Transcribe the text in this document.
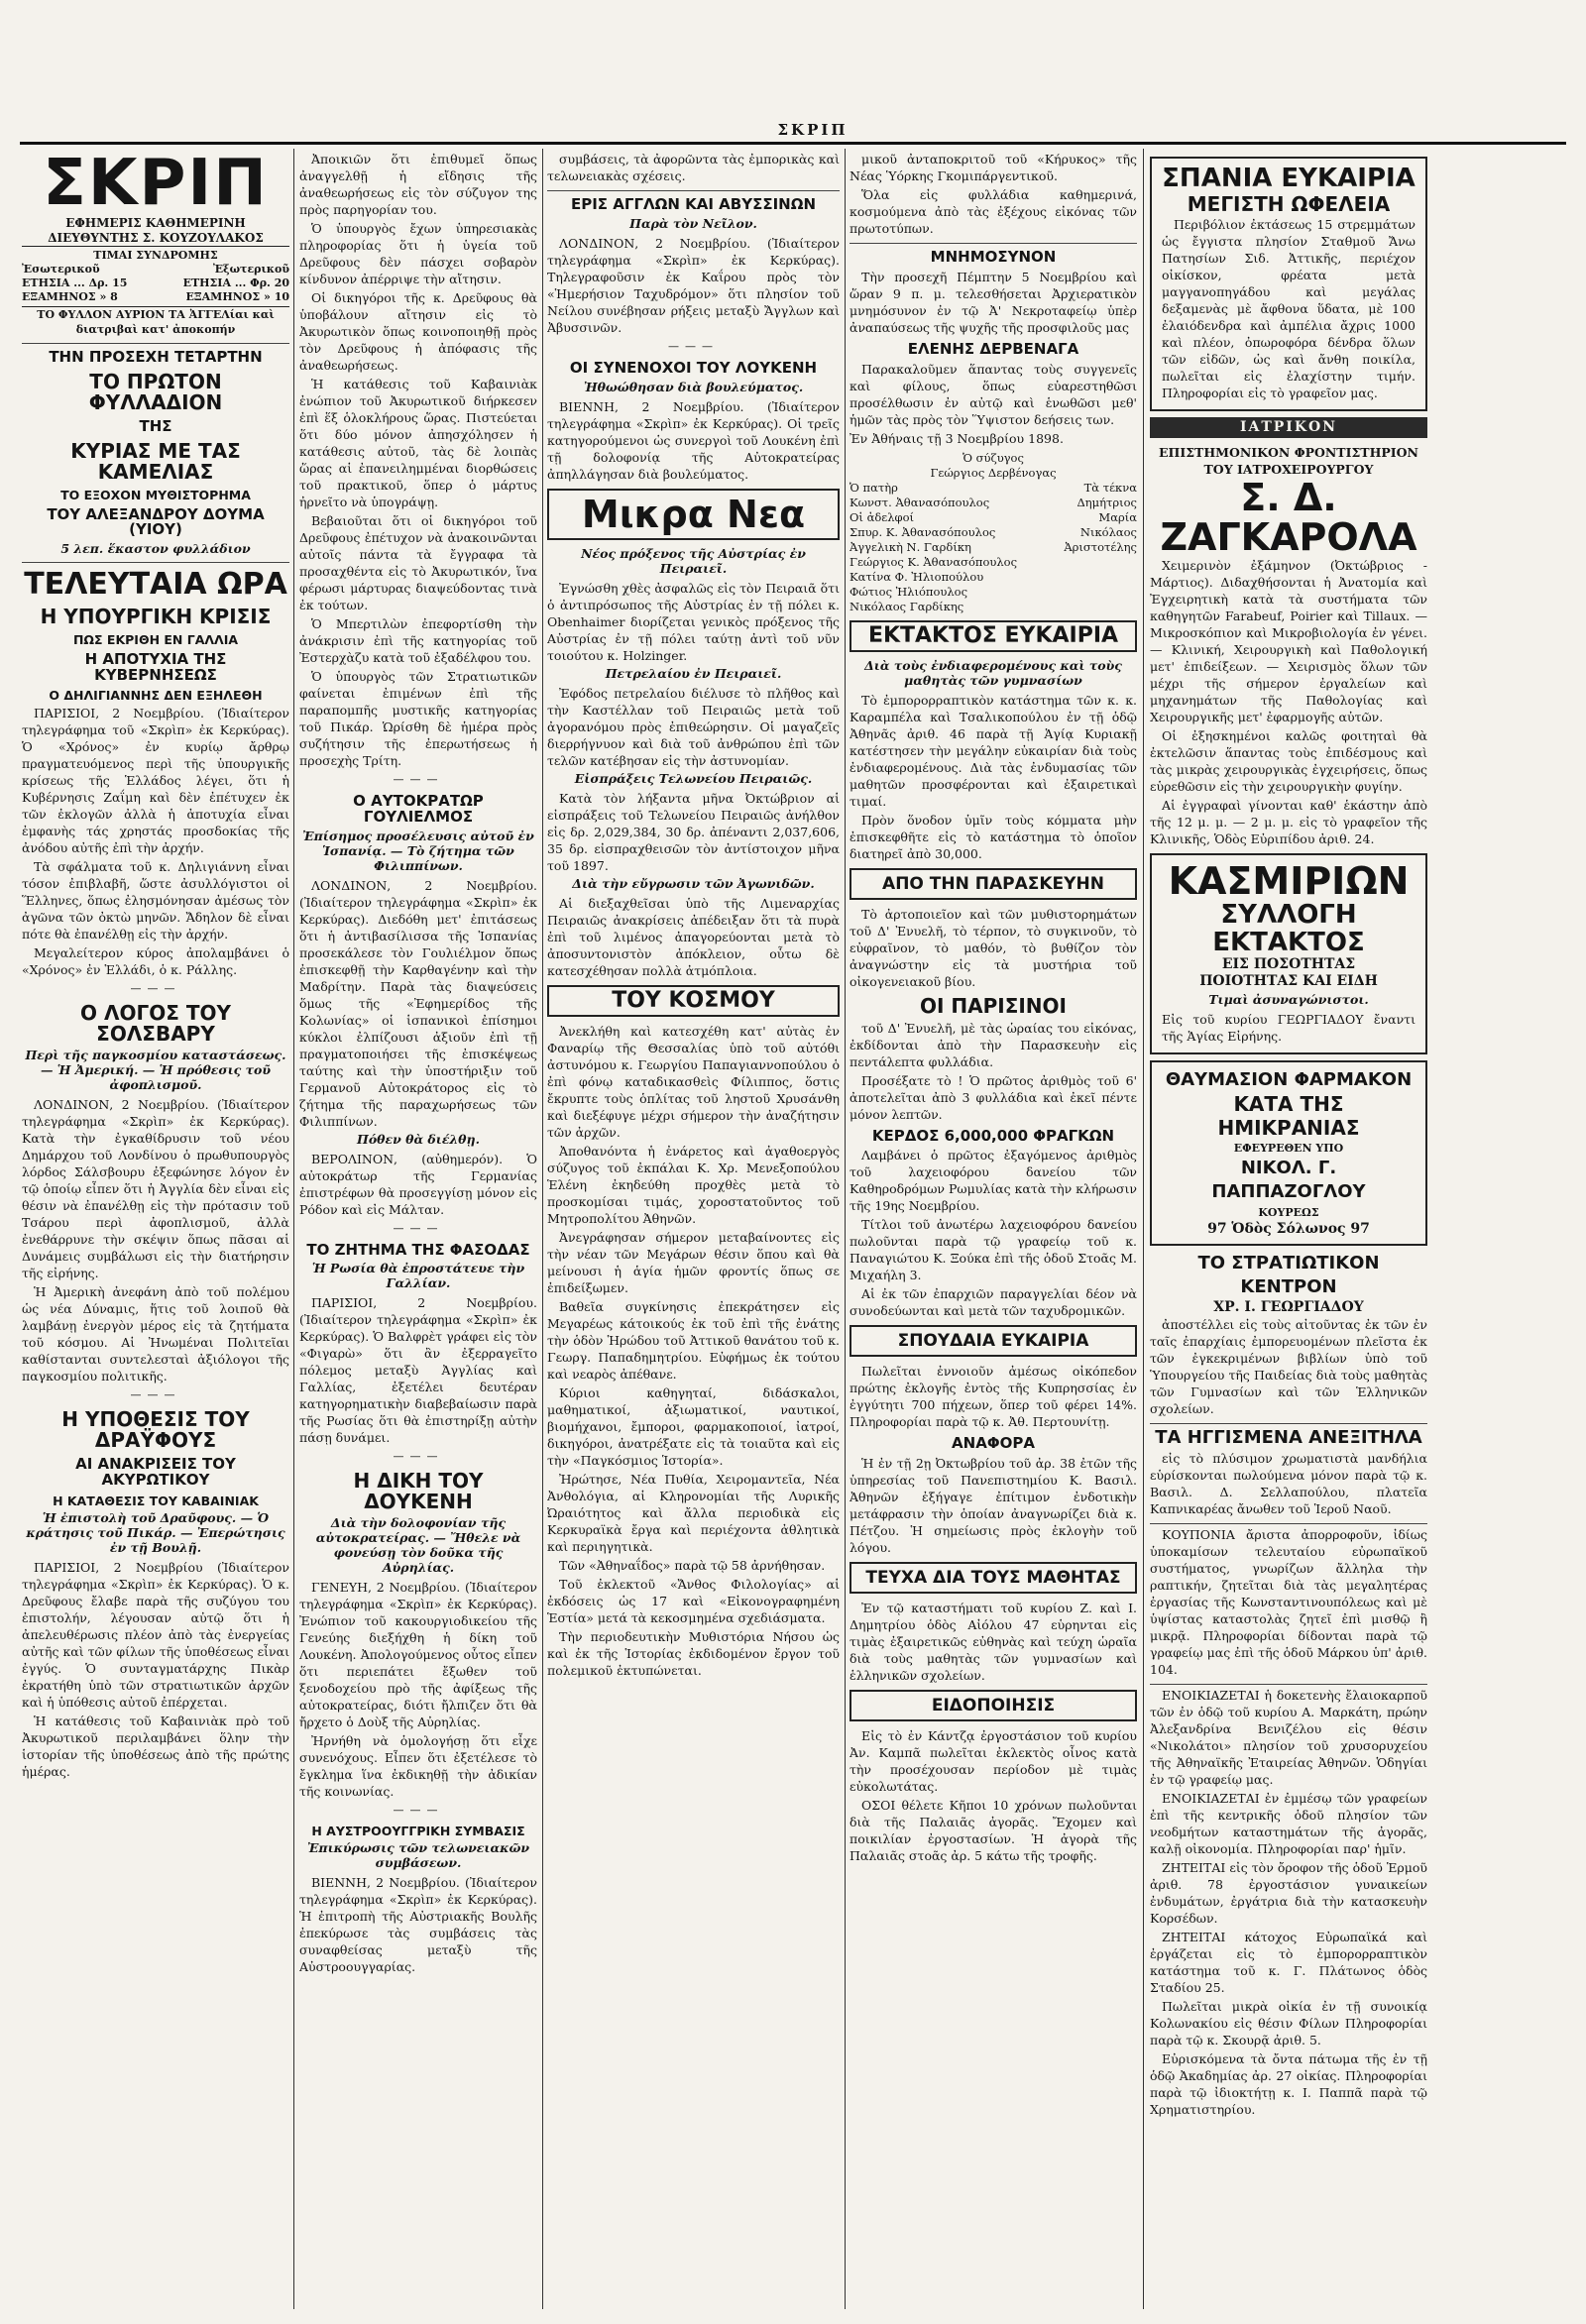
ΣΚΡΙΠ
ΣΚΡΙΠ
ΕΦΗΜΕΡΙΣ ΚΑΘΗΜΕΡΙΝΗ
ΔΙΕΥΘΥΝΤΗΣ Σ. ΚΟΥΖΟΥΛΑΚΟΣ
ΤΙΜΑΙ ΣΥΝΔΡΟΜΗΣ
Ἐσωτερικοῦ	Ἐξωτερικοῦ
ΕΤΗΣΙΑ ... Δρ. 15	ΕΤΗΣΙΑ ... Φρ. 20
ΕΞΑΜΗΝΟΣ » 8	ΕΞΑΜΗΝΟΣ » 10
ΤΟ ΦΥΛΛΟΝ ΑΥΡΙΟΝ ΤΑ ἈΓΓΕΛίαι καὶ διατριβαὶ κατ' ἀποκοπήν
ΤΗΝ ΠΡΟΣΕΧΗ ΤΕΤΑΡΤΗΝ
ΤΟ ΠΡΩΤΟΝ ΦΥΛΛΑΔΙΟΝ
ΤΗΣ
ΚΥΡΙΑΣ ΜΕ ΤΑΣ ΚΑΜΕΛΙΑΣ
ΤΟ ΕΞΟΧΟΝ ΜΥΘΙΣΤΟΡΗΜΑ
ΤΟΥ ΑΛΕΞΑΝΔΡΟΥ ΔΟΥΜΑ (ΥΙΟΥ)
5 λεπ. ἕκαστον φυλλάδιον
ΤΕΛΕΥΤΑΙΑ ΩΡΑ
Η ΥΠΟΥΡΓΙΚΗ ΚΡΙΣΙΣ
ΠΩΣ ΕΚΡΙΘΗ ΕΝ ΓΑΛΛΙΑ
Η ΑΠΟΤΥΧΙΑ ΤΗΣ ΚΥΒΕΡΝΗΣΕΩΣ
Ο ΔΗΛΙΓΙΑΝΝΗΣ ΔΕΝ ΕΞΗΛΕΘΗ

ΠΑΡΙΣΙΟΙ, 2 Νοεμβρίου. (Ἰδιαίτερον τηλεγράφημα τοῦ «Σκρὶπ» ἐκ Κερκύρας). Ὁ «Χρόνος» ἐν κυρίῳ ἄρθρῳ πραγματευόμενος περὶ τῆς ὑπουργικῆς κρίσεως τῆς Ἑλλάδος λέγει, ὅτι ἡ Κυβέρνησις Ζαΐμη καὶ δὲν ἐπέτυχεν ἐκ τῶν ἐκλογῶν ἀλλὰ ἡ ἀποτυχία εἶναι ἐμφανὴς τάς χρηστάς προσδοκίας τῆς ἀνόδου αὐτῆς ἐπὶ τὴν ἀρχήν.

Τὰ σφάλματα τοῦ κ. Δηλιγιάννη εἶναι τόσον ἐπιβλαβῆ, ὥστε ἀσυλλόγιστοι οἱ Ἕλληνες, ὅπως ἐλησμόνησαν ἀμέσως τὸν ἀγῶνα τῶν ὀκτὼ μηνῶν. Ἄδηλον δὲ εἶναι πότε θὰ ἐπανέλθῃ εἰς τὴν ἀρχήν.

Μεγαλείτερον κύρος ἀπολαμβάνει ὁ «Χρόνος» ἐν Ἑλλάδι, ὁ κ. Ράλλης.

———
Ο ΛΟΓΟΣ ΤΟΥ ΣΟΛΣΒΑΡΥ
Περὶ τῆς παγκοσμίου καταστάσεως. — Ἡ Ἀμερική. — Ἡ πρόθεσις τοῦ ἀφοπλισμοῦ.

ΛΟΝΔΙΝΟΝ, 2 Νοεμβρίου. (Ἰδιαίτερον τηλεγράφημα «Σκρὶπ» ἐκ Κερκύρας). Κατὰ τὴν ἐγκαθίδρυσιν τοῦ νέου Δημάρχου τοῦ Λονδίνου ὁ πρωθυπουργὸς λόρδος Σάλσβουρυ ἐξεφώνησε λόγον ἐν τῷ ὁποίῳ εἶπεν ὅτι ἡ Ἀγγλία δὲν εἶναι εἰς θέσιν νὰ ἐπανέλθῃ εἰς τὴν πρότασιν τοῦ Τσάρου περὶ ἀφοπλισμοῦ, ἀλλὰ ἐνεθάρρυνε τὴν σκέψιν ὅπως πᾶσαι αἱ Δυνάμεις συμβάλωσι εἰς τὴν διατήρησιν τῆς εἰρήνης.

Ἡ Ἀμερικὴ ἀνεφάνη ἀπὸ τοῦ πολέμου ὡς νέα Δύναμις, ἥτις τοῦ λοιποῦ θὰ λαμβάνῃ ἐνεργὸν μέρος εἰς τὰ ζητήματα τοῦ κόσμου. Αἱ Ἠνωμέναι Πολιτεῖαι καθίστανται συντελεσταὶ ἀξιόλογοι τῆς παγκοσμίου πολιτικῆς.

———
Η ΥΠΟΘΕΣΙΣ ΤΟΥ ΔΡΑΫΦΟΥΣ
ΑΙ ΑΝΑΚΡΙΣΕΙΣ ΤΟΥ ΑΚΥΡΩΤΙΚΟΥ
Η ΚΑΤΑΘΕΣΙΣ ΤΟΥ ΚΑΒΑΙΝΙΑΚ
Ἡ ἐπιστολὴ τοῦ Δραῦφους. — Ὁ κράτησις τοῦ Πικάρ. — Ἐπερώτησις ἐν τῇ Βουλῇ.

ΠΑΡΙΣΙΟΙ, 2 Νοεμβρίου (Ἰδιαίτερον τηλεγράφημα «Σκρὶπ» ἐκ Κερκύρας). Ὁ κ. Δρεῦφους ἔλαβε παρὰ τῆς συζύγου του ἐπιστολήν, λέγουσαν αὐτῷ ὅτι ἡ ἀπελευθέρωσις πλέον ἀπὸ τὰς ἐνεργείας αὐτῆς καὶ τῶν φίλων τῆς ὑποθέσεως εἶναι ἐγγύς. Ὁ συνταγματάρχης Πικὰρ ἐκρατήθη ὑπὸ τῶν στρατιωτικῶν ἀρχῶν καὶ ἡ ὑπόθεσις αὐτοῦ ἐπέρχεται.

Ἡ κατάθεσις τοῦ Καβαινιὰκ πρὸ τοῦ Ἀκυρωτικοῦ περιλαμβάνει ὅλην τὴν ἱστορίαν τῆς ὑποθέσεως ἀπὸ τῆς πρώτης ἡμέρας.

Ἀποικιῶν ὅτι ἐπιθυμεῖ ὅπως ἀναγγελθῇ ἡ εἴδησις τῆς ἀναθεωρήσεως εἰς τὸν σύζυγον της πρὸς παρηγορίαν του.

Ὁ ὑπουργὸς ἔχων ὑπηρεσιακὰς πληροφορίας ὅτι ἡ ὑγεία τοῦ Δρεῦφους δὲν πάσχει σοβαρὸν κίνδυνον ἀπέρριψε τὴν αἴτησιν.

Οἱ δικηγόροι τῆς κ. Δρεῦφους θὰ ὑποβάλουν αἴτησιν εἰς τὸ Ἀκυρωτικὸν ὅπως κοινοποιηθῇ πρὸς τὸν Δρεῦφους ἡ ἀπόφασις τῆς ἀναθεωρήσεως.

Ἡ κατάθεσις τοῦ Καβαινιὰκ ἐνώπιον τοῦ Ἀκυρωτικοῦ διήρκεσεν ἐπὶ ἕξ ὁλοκλήρους ὥρας. Πιστεύεται ὅτι δύο μόνον ἀπησχόλησεν ἡ κατάθεσις αὐτοῦ, τὰς δὲ λοιπὰς ὥρας αἱ ἐπανειλημμέναι διορθώσεις τοῦ πρακτικοῦ, ὅπερ ὁ μάρτυς ἠρνεῖτο νὰ ὑπογράψῃ.

Βεβαιοῦται ὅτι οἱ δικηγόροι τοῦ Δρεῦφους ἐπέτυχον νὰ ἀνακοινῶνται αὐτοῖς πάντα τὰ ἔγγραφα τὰ προσαχθέντα εἰς τὸ Ἀκυρωτικόν, ἵνα φέρωσι μάρτυρας διαψεύδοντας τινὰ ἐκ τούτων.

Ὁ Μπερτιλὼν ἐπεφορτίσθη τὴν ἀνάκρισιν ἐπὶ τῆς κατηγορίας τοῦ Ἐστερχὰζυ κατὰ τοῦ ἐξαδέλφου του.

Ὁ ὑπουργὸς τῶν Στρατιωτικῶν φαίνεται ἐπιμένων ἐπὶ τῆς παραπομπῆς μυστικῆς κατηγορίας τοῦ Πικάρ. Ὡρίσθη δὲ ἡμέρα πρὸς συζήτησιν τῆς ἐπερωτήσεως ἡ προσεχὴς Τρίτη.

———
Ο ΑΥΤΟΚΡΑΤΩΡ ΓΟΥΛΙΕΛΜΟΣ
Ἐπίσημος προσέλευσις αὐτοῦ ἐν Ἱσπανίᾳ. — Τὸ ζήτημα τῶν Φιλιππίνων.

ΛΟΝΔΙΝΟΝ, 2 Νοεμβρίου. (Ἰδιαίτερον τηλεγράφημα «Σκρὶπ» ἐκ Κερκύρας). Διεδόθη μετ' ἐπιτάσεως ὅτι ἡ ἀντιβασίλισσα τῆς Ἱσπανίας προσεκάλεσε τὸν Γουλιέλμον ὅπως ἐπισκεφθῇ τὴν Καρθαγένην καὶ τὴν Μαδρίτην. Παρὰ τὰς διαψεύσεις ὅμως τῆς «Ἐφημερίδος τῆς Κολωνίας» οἱ ἱσπανικοὶ ἐπίσημοι κύκλοι ἐλπίζουσι ἀξιοῦν ἐπὶ τῇ πραγματοποιήσει τῆς ἐπισκέψεως ταύτης καὶ τὴν ὑποστήριξιν τοῦ Γερμανοῦ Αὐτοκράτορος εἰς τὸ ζήτημα τῆς παραχωρήσεως τῶν Φιλιππίνων.

Πόθεν θὰ διέλθῃ.

ΒΕΡΟΛΙΝΟΝ, (αὐθημερόν). Ὁ αὐτοκράτωρ τῆς Γερμανίας ἐπιστρέφων θὰ προσεγγίσῃ μόνον εἰς Ρόδον καὶ εἰς Μάλταν.

———
ΤΟ ΖΗΤΗΜΑ ΤΗΣ ΦΑΣΟΔΑΣ
Ἡ Ρωσία θὰ ἐπροστάτευε τὴν Γαλλίαν.

ΠΑΡΙΣΙΟΙ, 2 Νοεμβρίου. (Ἰδιαίτερον τηλεγράφημα «Σκρὶπ» ἐκ Κερκύρας). Ὁ Βαλφρὲτ γράφει εἰς τὸν «Φιγαρὼ» ὅτι ἂν ἐξερραγεῖτο πόλεμος μεταξὺ Ἀγγλίας καὶ Γαλλίας, ἐξετέλει δευτέραν κατηγορηματικὴν διαβεβαίωσιν παρὰ τῆς Ρωσίας ὅτι θὰ ἐπιστηρίξῃ αὐτὴν πάσῃ δυνάμει.

———
Η ΔΙΚΗ ΤΟΥ ΔΟΥΚΕΝΗ
Διὰ τὴν δολοφονίαν τῆς αὐτοκρατείρας. — Ἤθελε νὰ φονεύσῃ τὸν δοῦκα τῆς Αὐρηλίας.

ΓΕΝΕΥΗ, 2 Νοεμβρίου. (Ἰδιαίτερον τηλεγράφημα «Σκρὶπ» ἐκ Κερκύρας). Ἐνώπιον τοῦ κακουργιοδικείου τῆς Γενεύης διεξήχθη ἡ δίκη τοῦ Λουκένη. Ἀπολογούμενος οὗτος εἶπεν ὅτι περιεπάτει ἔξωθεν τοῦ ξενοδοχείου πρὸ τῆς ἀφίξεως τῆς αὐτοκρατείρας, διότι ἤλπιζεν ὅτι θὰ ἤρχετο ὁ Δοὺξ τῆς Αὐρηλίας.

Ἠρνήθη νὰ ὁμολογήσῃ ὅτι εἶχε συνενόχους. Εἶπεν ὅτι ἐξετέλεσε τὸ ἔγκλημα ἵνα ἐκδικηθῇ τὴν ἀδικίαν τῆς κοινωνίας.

———
Η ΑΥΣΤΡΟΟΥΓΓΡΙΚΗ ΣΥΜΒΑΣΙΣ
Ἐπικύρωσις τῶν τελωνειακῶν συμβάσεων.

ΒΙΕΝΝΗ, 2 Νοεμβρίου. (Ἰδιαίτερον τηλεγράφημα «Σκρὶπ» ἐκ Κερκύρας). Ἡ ἐπιτροπὴ τῆς Αὐστριακῆς Βουλῆς ἐπεκύρωσε τὰς συμβάσεις τὰς συναφθείσας μεταξὺ τῆς Αὐστροουγγαρίας.

συμβάσεις, τὰ ἀφορῶντα τὰς ἐμπορικὰς καὶ τελωνειακὰς σχέσεις.

ΕΡΙΣ ΑΓΓΛΩΝ ΚΑΙ ΑΒΥΣΣΙΝΩΝ
Παρὰ τὸν Νεῖλον.

ΛΟΝΔΙΝΟΝ, 2 Νοεμβρίου. (Ἰδιαίτερον τηλεγράφημα «Σκρὶπ» ἐκ Κερκύρας). Τηλεγραφοῦσιν ἐκ Καΐρου πρὸς τὸν «Ἡμερήσιον Ταχυδρόμον» ὅτι πλησίον τοῦ Νείλου συνέβησαν ρήξεις μεταξὺ Ἄγγλων καὶ Ἀβυσσινῶν.

———
ΟΙ ΣΥΝΕΝΟΧΟΙ ΤΟΥ ΛΟΥΚΕΝΗ
Ἠθωώθησαν διὰ βουλεύματος.

ΒΙΕΝΝΗ, 2 Νοεμβρίου. (Ἰδιαίτερον τηλεγράφημα «Σκρὶπ» ἐκ Κερκύρας). Οἱ τρεῖς κατηγορούμενοι ὡς συνεργοὶ τοῦ Λουκένη ἐπὶ τῇ δολοφονίᾳ τῆς Αὐτοκρατείρας ἀπηλλάγησαν διὰ βουλεύματος.

Μικρα Νεα
Νέος πρόξενος τῆς Αὐστρίας ἐν Πειραιεῖ.

Ἐγνώσθη χθὲς ἀσφαλῶς εἰς τὸν Πειραιᾶ ὅτι ὁ ἀντιπρόσωπος τῆς Αὐστρίας ἐν τῇ πόλει κ. Obenhaimer διορίζεται γενικὸς πρόξενος τῆς Αὐστρίας ἐν τῇ πόλει ταύτῃ ἀντὶ τοῦ νῦν τοιούτου κ. Holzinger.

Πετρελαίου ἐν Πειραιεῖ.

Ἐφόδος πετρελαίου διέλυσε τὸ πλῆθος καὶ τὴν Καστέλλαν τοῦ Πειραιῶς μετὰ τοῦ ἀγορανόμου πρὸς ἐπιθεώρησιν. Οἱ μαγαζεῖς διερρήγνυον καὶ διὰ τοῦ ἀνθρώπου ἐπὶ τῶν τελῶν κατέβησαν εἰς τὴν ἀστυνομίαν.

Εἰσπράξεις Τελωνείου Πειραιῶς.

Κατὰ τὸν λήξαντα μῆνα Ὀκτώβριον αἱ εἰσπράξεις τοῦ Τελωνείου Πειραιῶς ἀνήλθον εἰς δρ. 2,029,384, 30 δρ. ἀπέναντι 2,037,606, 35 δρ. εἰσπραχθεισῶν τὸν ἀντίστοιχον μῆνα τοῦ 1897.

Διὰ τὴν εὔγρωσιν τῶν Ἀγωνιδῶν.

Αἱ διεξαχθεῖσαι ὑπὸ τῆς Λιμεναρχίας Πειραιῶς ἀνακρίσεις ἀπέδειξαν ὅτι τὰ πυρὰ ἐπὶ τοῦ λιμένος ἀπαγορεύονται μετὰ τὸ ἀποσυντονιστὸν ἀπόκλειον, οὗτω δὲ κατεσχέθησαν πολλὰ ἀτμόπλοια.

ΤΟΥ ΚΟΣΜΟΥ

Ἀνεκλήθη καὶ κατεσχέθη κατ' αὐτὰς ἐν Φαναρίῳ τῆς Θεσσαλίας ὑπὸ τοῦ αὐτόθι ἀστυνόμου κ. Γεωργίου Παπαγιαννοπούλου ὁ ἐπὶ φόνῳ καταδικασθεὶς Φίλιππος, ὅστις ἔκρυπτε τοὺς ὁπλίτας τοῦ ληστοῦ Χρυσάνθη καὶ διεξέφυγε μέχρι σήμερον τὴν ἀναζήτησιν τῶν ἀρχῶν.

Ἀποθανόντα ἡ ἐνάρετος καὶ ἀγαθοεργὸς σύζυγος τοῦ ἐκπάλαι Κ. Χρ. Μενεξοπούλου Ἑλένη ἐκηδεύθη προχθὲς μετὰ τὸ προσκομίσαι τιμάς, χοροστατοῦντος τοῦ Μητροπολίτου Ἀθηνῶν.

Ἀνεγράφησαν σήμερον μεταβαίνοντες εἰς τὴν νέαν τῶν Μεγάρων θέσιν ὅπου καὶ θὰ μείνουσι ἡ ἁγία ἡμῶν φροντίς ὅπως σε ἐπιδείξωμεν.

Βαθεῖα συγκίνησις ἐπεκράτησεν εἰς Μεγαρέως κάτοικούς ἐκ τοῦ ἐπὶ τῆς ἐνάτης τὴν ὁδὸν Ἡρώδου τοῦ Ἀττικοῦ θανάτου τοῦ κ. Γεωργ. Παπαδημητρίου. Εὐφήμως ἐκ τούτου καὶ νεαρὸς ἀπέθανε.

Κύριοι καθηγηταί, διδάσκαλοι, μαθηματικοί, ἀξιωματικοί, ναυτικοί, βιομήχανοι, ἔμποροι, φαρμακοποιοί, ἰατροί, δικηγόροι, ἀνατρέξατε εἰς τὰ τοιαῦτα καὶ εἰς τὴν «Παγκόσμιος Ἱστορία».

Ἠρώτησε, Νέα Πυθία, Χειρομαντεῖα, Νέα Ἀνθολόγια, αἱ Κληρονομίαι τῆς Λυρικῆς Ὠραιότητος καὶ ἄλλα περιοδικὰ εἰς Κερκυραϊκὰ ἔργα καὶ περιέχοντα ἀθλητικὰ καὶ περιηγητικὰ.

Τῶν «Ἀθηναΐδος» παρὰ τῷ 58 ἀρνήθησαν.

Τοῦ ἐκλεκτοῦ «Ἄνθος Φιλολογίας» αἱ ἐκδόσεις ὡς 17 καὶ «Εἰκονογραφημένη Ἑστία» μετά τὰ κεκοσμημένα σχεδιάσματα.

Τὴν περιοδευτικὴν Μυθιστόρια Νήσου ὡς καὶ ἐκ τῆς Ἱστορίας ἐκδιδομένον ἔργον τοῦ πολεμικοῦ ἐκτυπώνεται.

μικοῦ ἀνταποκριτοῦ τοῦ «Κήρυκος» τῆς Νέας Ὑόρκης Γκομιπάργεντικοῦ.

Ὅλα εἰς φυλλάδια καθημερινά, κοσμούμενα ἀπὸ τὰς ἐξέχους εἰκόνας τῶν πρωτοτύπων.

ΜΝΗΜΟΣΥΝΟΝ

Τὴν προσεχῆ Πέμπτην 5 Νοεμβρίου καὶ ὥραν 9 π. μ. τελεσθήσεται Ἀρχιερατικὸν μνημόσυνον ἐν τῷ Ἀ' Νεκροταφείῳ ὑπὲρ ἀναπαύσεως τῆς ψυχῆς τῆς προσφιλοῦς μας

ΕΛΕΝΗΣ ΔΕΡΒΕΝΑΓΑ

Παρακαλοῦμεν ἅπαντας τοὺς συγγενεῖς καὶ φίλους, ὅπως εὐαρεστηθῶσι προσέλθωσιν ἐν αὐτῷ καὶ ἑνωθῶσι μεθ' ἡμῶν τὰς πρὸς τὸν Ὕψιστον δεήσεις των.

Ἐν Ἀθήναις τῇ 3 Νοεμβρίου 1898.

Ὁ σύζυγος
Γεώργιος Δερβένογας
Ὁ πατὴρ	Τὰ τέκνα
Κωνστ. Ἀθανασόπουλος	Δημήτριος
Οἱ ἀδελφοί	Μαρία
Σπυρ. Κ. Ἀθανασόπουλος	Νικόλαος
Ἀγγελικὴ Ν. Γαρδίκη	Ἀριστοτέλης
Γεώργιος Κ. Ἀθανασόπουλος
Κατίνα Φ. Ἠλιοπούλου
Φώτιος Ἠλιόπουλος
Νικόλαος Γαρδίκης
ΕΚΤΑΚΤΟΣ ΕΥΚΑΙΡΙΑ
Διὰ τοὺς ἐνδιαφερομένους καὶ τοὺς μαθητὰς τῶν γυμνασίων

Τὸ ἐμπορορραπτικὸν κατάστημα τῶν κ. κ. Καραμπέλα καὶ Τσαλικοπούλου ἐν τῇ ὁδῷ Ἀθηνᾶς ἀριθ. 46 παρὰ τῇ Ἁγίᾳ Κυριακῇ κατέστησεν τὴν μεγάλην εὐκαιρίαν διὰ τοὺς ἐνδιαφερομένους. Διὰ τὰς ἐνδυμασίας τῶν μαθητῶν προσφέρονται καὶ ἐξαιρετικαὶ τιμαί.

Πρὸν ὅνοδον ὑμῖν τοὺς κόμματα μὴν ἐπισκεφθῆτε εἰς τὸ κατάστημα τὸ ὁποῖον διατηρεῖ ἀπὸ 30,000.

ΑΠΟ ΤΗΝ ΠΑΡΑΣΚΕΥΗΝ

Τὸ ἀρτοποιεῖον καὶ τῶν μυθιστορημάτων τοῦ Δ' Ἐνυελῆ, τὸ τέρπον, τὸ συγκινοῦν, τὸ εὐφραῖνον, τὸ μαθόν, τὸ βυθίζον τὸν ἀναγνώστην εἰς τὰ μυστήρια τοῦ οἰκογενειακοῦ βίου.

ΟΙ ΠΑΡΙΣΙΝΟΙ

τοῦ Δ' Ἐνυελῆ, μὲ τὰς ὡραίας του εἰκόνας, ἐκδίδονται ἀπὸ τὴν Παρασκευὴν εἰς πεντάλεπτα φυλλάδια.

Προσέξατε τὸ ! Ὁ πρῶτος ἀριθμὸς τοῦ 6' ἀποτελεῖται ἀπὸ 3 φυλλάδια καὶ ἐκεῖ πέντε μόνον λεπτῶν.

ΚΕΡΔΟΣ 6,000,000 ΦΡΑΓΚΩΝ

Λαμβάνει ὁ πρῶτος ἐξαγόμενος ἀριθμὸς τοῦ λαχειοφόρου δανείου τῶν Καθηροδρόμων Ρωμυλίας κατὰ τὴν κλήρωσιν τῆς 19ης Νοεμβρίου.

Τίτλοι τοῦ ἀνωτέρω λαχειοφόρου δανείου πωλοῦνται παρὰ τῷ γραφείῳ τοῦ κ. Παναγιώτου Κ. Ξούκα ἐπὶ τῆς ὁδοῦ Στοᾶς Μ. Μιχαήλη 3.

Αἱ ἐκ τῶν ἐπαρχιῶν παραγγελίαι δέον νὰ συνοδεύωνται καὶ μετὰ τῶν ταχυδρομικῶν.

ΣΠΟΥΔΑΙΑ ΕΥΚΑΙΡΙΑ

Πωλεῖται ἐννοιοῦν ἀμέσως οἰκόπεδον πρώτης ἐκλογῆς ἐντὸς τῆς Κυπρησσίας ἐν ἐγγύτητι 700 πήχεων, ὅπερ τοῦ φέρει 14%. Πληροφορίαι παρὰ τῷ κ. Ἀθ. Περτουνίτῃ.

ΑΝΑΦΟΡΑ

Ἡ ἐν τῇ 2ῃ Ὀκτωβρίου τοῦ ἀρ. 38 ἐτῶν τῆς ὑπηρεσίας τοῦ Πανεπιστημίου Κ. Βασιλ. Ἀθηνῶν ἐξήγαγε ἐπίτιμον ἐνδοτικὴν μετάφρασιν τὴν ὁποίαν ἀναγνωρίζει διὰ κ. Πέτζου. Ἡ σημείωσις πρὸς ἐκλογὴν τοῦ λόγου.

ΤΕΥΧΑ ΔΙΑ ΤΟΥΣ ΜΑΘΗΤΑΣ

Ἐν τῷ καταστήματι τοῦ κυρίου Ζ. καὶ Ι. Δημητρίου ὁδὸς Αἰόλου 47 εὑρηνται εἰς τιμὰς ἐξαιρετικῶς εὐθηνὰς καὶ τεύχη ὡραῖα διὰ τοὺς μαθητὰς τῶν γυμνασίων καὶ ἑλληνικῶν σχολείων.

ΕΙΔΟΠΟΙΗΣΙΣ

Εἰς τὸ ἐν Κάντζᾳ ἐργοστάσιον τοῦ κυρίου Ἀν. Καμπᾶ πωλεῖται ἐκλεκτὸς οἶνος κατὰ τὴν προσέχουσαν περίοδον μὲ τιμὰς εὐκολωτάτας.

ΟΣΟΙ θέλετε Κῆποι 10 χρόνων πωλοῦνται διὰ τῆς Παλαιᾶς ἀγορᾶς. Ἔχομεν καὶ ποικιλίαν ἐργοστασίων. Ἡ ἀγορὰ τῆς Παλαιᾶς στοᾶς ἀρ. 5 κάτω τῆς τροφῆς.

ΣΠΑΝΙΑ ΕΥΚΑΙΡΙΑ
ΜΕΓΙΣΤΗ ΩΦΕΛΕΙΑ

Περιβόλιον ἐκτάσεως 15 στρεμμάτων ὡς ἔγγιστα πλησίον Σταθμοῦ Ἄνω Πατησίων Σιδ. Ἀττικῆς, περιέχον οἰκίσκον, φρέατα μετὰ μαγγανοπηγάδου καὶ μεγάλας δεξαμενὰς μὲ ἄφθονα ὕδατα, μὲ 100 ἐλαιόδενδρα καὶ ἀμπέλια ἄχρις 1000 καὶ πλέον, ὀπωροφόρα δένδρα ὅλων τῶν εἰδῶν, ὡς καὶ ἄνθη ποικίλα, πωλεῖται εἰς ἐλαχίστην τιμήν. Πληροφορίαι εἰς τὸ γραφεῖον μας.

ΙΑΤΡΙΚΟΝ
ΕΠΙΣΤΗΜΟΝΙΚΟΝ ΦΡΟΝΤΙΣΤΗΡΙΟΝ ΤΟΥ ΙΑΤΡΟΧΕΙΡΟΥΡΓΟΥ
Σ. Δ. ΖΑΓΚΑΡΟΛΑ

Χειμερινὸν ἐξάμηνον (Ὀκτώβριος - Μάρτιος). Διδαχθήσονται ἡ Ἀνατομία καὶ Ἐγχειρητικὴ κατὰ τὰ συστήματα τῶν καθηγητῶν Farabeuf, Poirier καὶ Tillaux. — Μικροσκόπιον καὶ Μικροβιολογία ἐν γένει. — Κλινική, Χειρουργικὴ καὶ Παθολογική μετ' ἐπιδείξεων. — Χειρισμὸς ὅλων τῶν μέχρι τῆς σήμερον ἐργαλείων καὶ μηχανημάτων τῆς Παθολογίας καὶ Χειρουργικῆς μετ' ἐφαρμογῆς αὐτῶν.

Οἱ ἐξησκημένοι καλῶς φοιτηταὶ θὰ ἐκτελῶσιν ἅπαντας τοὺς ἐπιδέσμους καὶ τὰς μικρὰς χειρουργικὰς ἐγχειρήσεις, ὅπως εὑρεθῶσιν εἰς τὴν χειρουργικὴν φυγίην.

Αἱ ἐγγραφαὶ γίνονται καθ' ἑκάστην ἀπὸ τῆς 12 μ. μ. — 2 μ. μ. εἰς τὸ γραφεῖον τῆς Κλινικῆς, Ὁδὸς Εὐριπίδου ἀριθ. 24.

ΚΑΣΜΙΡΙΩΝ
ΣΥΛΛΟΓΗ ΕΚΤΑΚΤΟΣ
ΕΙΣ ΠΟΣΟΤΗΤΑΣ
ΠΟΙΟΤΗΤΑΣ ΚΑΙ ΕΙΔΗ
Τιμαὶ ἀσυναγώνιστοι.

Εἰς τοῦ κυρίου ΓΕΩΡΓΙΑΔΟΥ ἔναντι τῆς Ἁγίας Εἰρήνης.

ΘΑΥΜΑΣΙΟΝ ΦΑΡΜΑΚΟΝ
ΚΑΤΑ ΤΗΣ ΗΜΙΚΡΑΝΙΑΣ
ΕΦΕΥΡΕΘΕΝ ΥΠΟ
ΝΙΚΟΛ. Γ. ΠΑΠΠΑΖΟΓΛΟΥ
ΚΟΥΡΕΩΣ
97 Ὁδὸς Σόλωνος 97
ΤΟ ΣΤΡΑΤΙΩΤΙΚΟΝ ΚΕΝΤΡΟΝ
ΧΡ. Ι. ΓΕΩΡΓΙΑΔΟΥ

ἀποστέλλει εἰς τοὺς αἰτοῦντας ἐκ τῶν ἐν ταῖς ἐπαρχίαις ἐμπορευομένων πλεῖστα ἐκ τῶν ἐγκεκριμένων βιβλίων ὑπὸ τοῦ Ὑπουργείου τῆς Παιδείας διὰ τοὺς μαθητὰς τῶν Γυμνασίων καὶ τῶν Ἑλληνικῶν σχολείων.

ΤΑ ΗΓΓΙΣΜΕΝΑ ΑΝΕΞΙΤΗΛΑ

εἰς τὸ πλύσιμον χρωματιστὰ μανδήλια εὑρίσκονται πωλούμενα μόνον παρὰ τῷ κ. Βασιλ. Δ. Σελλαπούλου, πλατεῖα Καπνικαρέας ἄνωθεν τοῦ Ἱεροῦ Ναοῦ.

ΚΟΥΠΟΝΙΑ ἄριστα ἀπορροφοῦν, ἰδίως ὑποκαμίσων τελευταίου εὐρωπαϊκοῦ συστήματος, γνωρίζων ἄλληλα τὴν ραπτικήν, ζητεῖται διὰ τὰς μεγαλητέρας ἐργασίας τῆς Κωνσταντινουπόλεως καὶ μὲ ὑψίστας καταστολὰς ζητεῖ ἐπὶ μισθῷ ἢ μικρᾷ. Πληροφορίαι δίδονται παρὰ τῷ γραφείῳ μας ἐπὶ τῆς ὁδοῦ Μάρκου ὑπ' ἀριθ. 104.

ΕΝΟΙΚΙΑΖΕΤΑΙ ἡ δοκετενὴς ἔλαιοκαρποῦ τῶν ἐν ὁδῷ τοῦ κυρίου Α. Μαρκάτη, πρώην Ἀλεξανδρίνα Βενιζέλου εἰς θέσιν «Νικολάτοι» πλησίον τοῦ χρυσορυχείου τῆς Ἀθηναϊκῆς Ἐταιρείας Ἀθηνῶν. Ὁδηγίαι ἐν τῷ γραφείῳ μας.

ΕΝΟΙΚΙΑΖΕΤΑΙ ἐν ἐμμέσῳ τῶν γραφείων ἐπὶ τῆς κεντρικῆς ὁδοῦ πλησίον τῶν νεοδμήτων καταστημάτων τῆς ἀγορᾶς, καλῇ οἰκονομία. Πληροφορίαι παρ' ἡμῖν.

ΖΗΤΕΙΤΑΙ εἰς τὸν ὄροφον τῆς ὁδοῦ Ἑρμοῦ ἀριθ. 78 ἐργοστάσιον γυναικείων ἐνδυμάτων, ἐργάτρια διὰ τὴν κατασκευὴν Κορσέδων.

ΖΗΤΕΙΤΑΙ κάτοχος Εὐρωπαϊκά καὶ ἐργάζεται εἰς τὸ ἐμπορορραπτικὸν κατάστημα τοῦ κ. Γ. Πλάτωνος ὁδὸς Σταδίου 25.

Πωλεῖται μικρὰ οἰκία ἐν τῇ συνοικίᾳ Κολωνακίου εἰς θέσιν Φίλων Πληροφορίαι παρὰ τῷ κ. Σκουρᾷ ἀριθ. 5.

Εὐρισκόμενα τὰ ὄντα πάτωμα τῆς ἐν τῇ ὁδῷ Ἀκαδημίας ἀρ. 27 οἰκίας. Πληροφορίαι παρὰ τῷ ἰδιοκτήτῃ κ. Ι. Παππᾶ παρὰ τῷ Χρηματιστηρίου.
